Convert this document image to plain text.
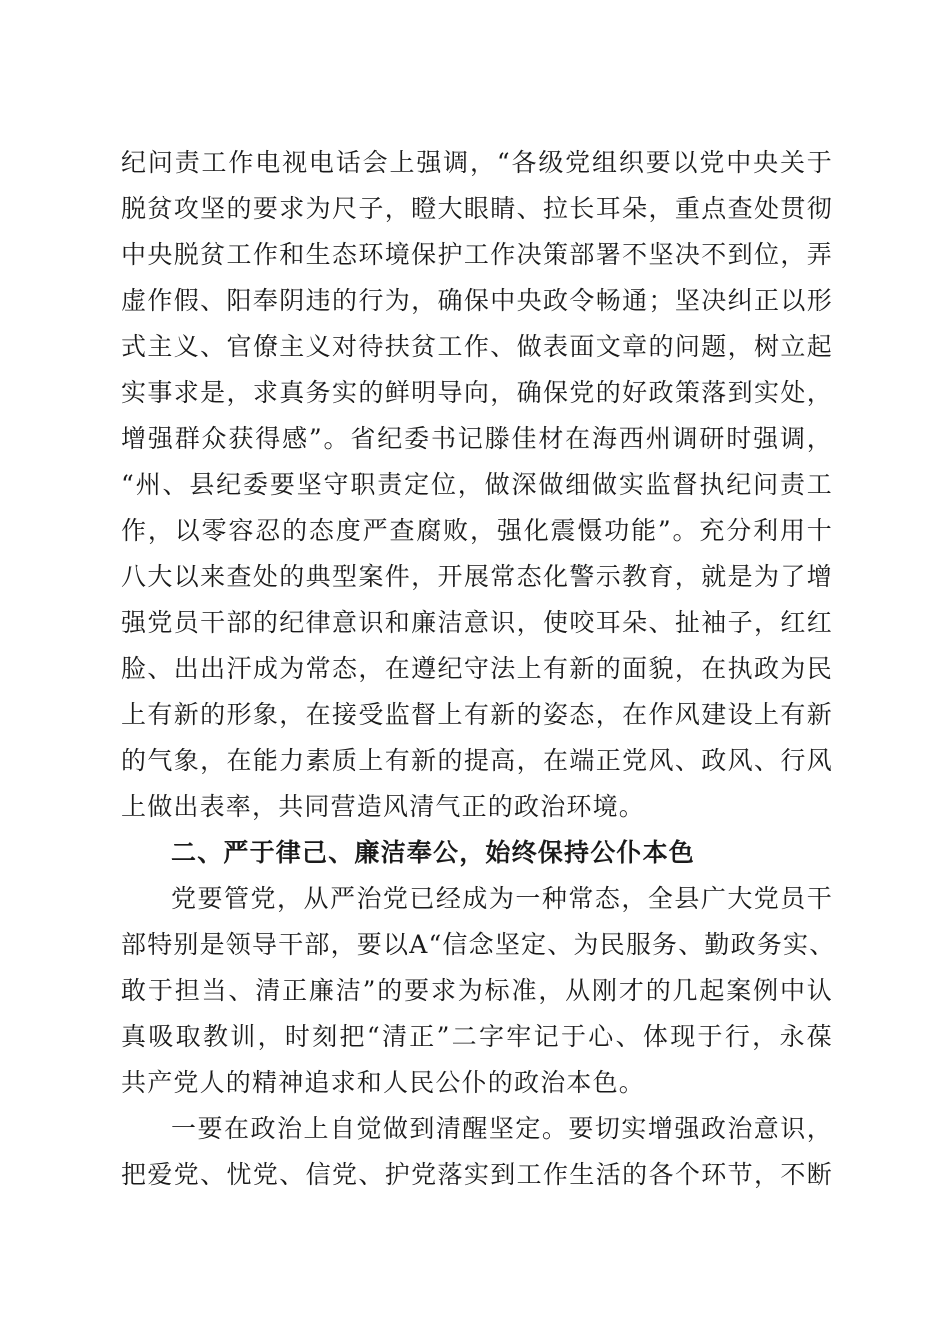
纪问责工作电视电话会上强调，“各级党组织要以党中央关于
脱贫攻坚的要求为尺子，瞪大眼睛、拉长耳朵，重点查处贯彻
中央脱贫工作和生态环境保护工作决策部署不坚决不到位，弄
虚作假、阳奉阴违的行为，确保中央政令畅通；坚决纠正以形
式主义、官僚主义对待扶贫工作、做表面文章的问题，树立起
实事求是，求真务实的鲜明导向，确保党的好政策落到实处，
增强群众获得感”。省纪委书记滕佳材在海西州调研时强调，
“州、县纪委要坚守职责定位，做深做细做实监督执纪问责工
作，以零容忍的态度严查腐败，强化震慑功能”。充分利用十
八大以来查处的典型案件，开展常态化警示教育，就是为了增
强党员干部的纪律意识和廉洁意识，使咬耳朵、扯袖子，红红
脸、出出汗成为常态，在遵纪守法上有新的面貌，在执政为民
上有新的形象，在接受监督上有新的姿态，在作风建设上有新
的气象，在能力素质上有新的提高，在端正党风、政风、行风
上做出表率，共同营造风清气正的政治环境。
二、严于律己、廉洁奉公，始终保持公仆本色
党要管党，从严治党已经成为一种常态，全县广大党员干
部特别是领导干部，要以A“信念坚定、为民服务、勤政务实、
敢于担当、清正廉洁”的要求为标准，从刚才的几起案例中认
真吸取教训，时刻把“清正”二字牢记于心、体现于行，永葆
共产党人的精神追求和人民公仆的政治本色。
一要在政治上自觉做到清醒坚定。要切实增强政治意识，
把爱党、忧党、信党、护党落实到工作生活的各个环节，不断
